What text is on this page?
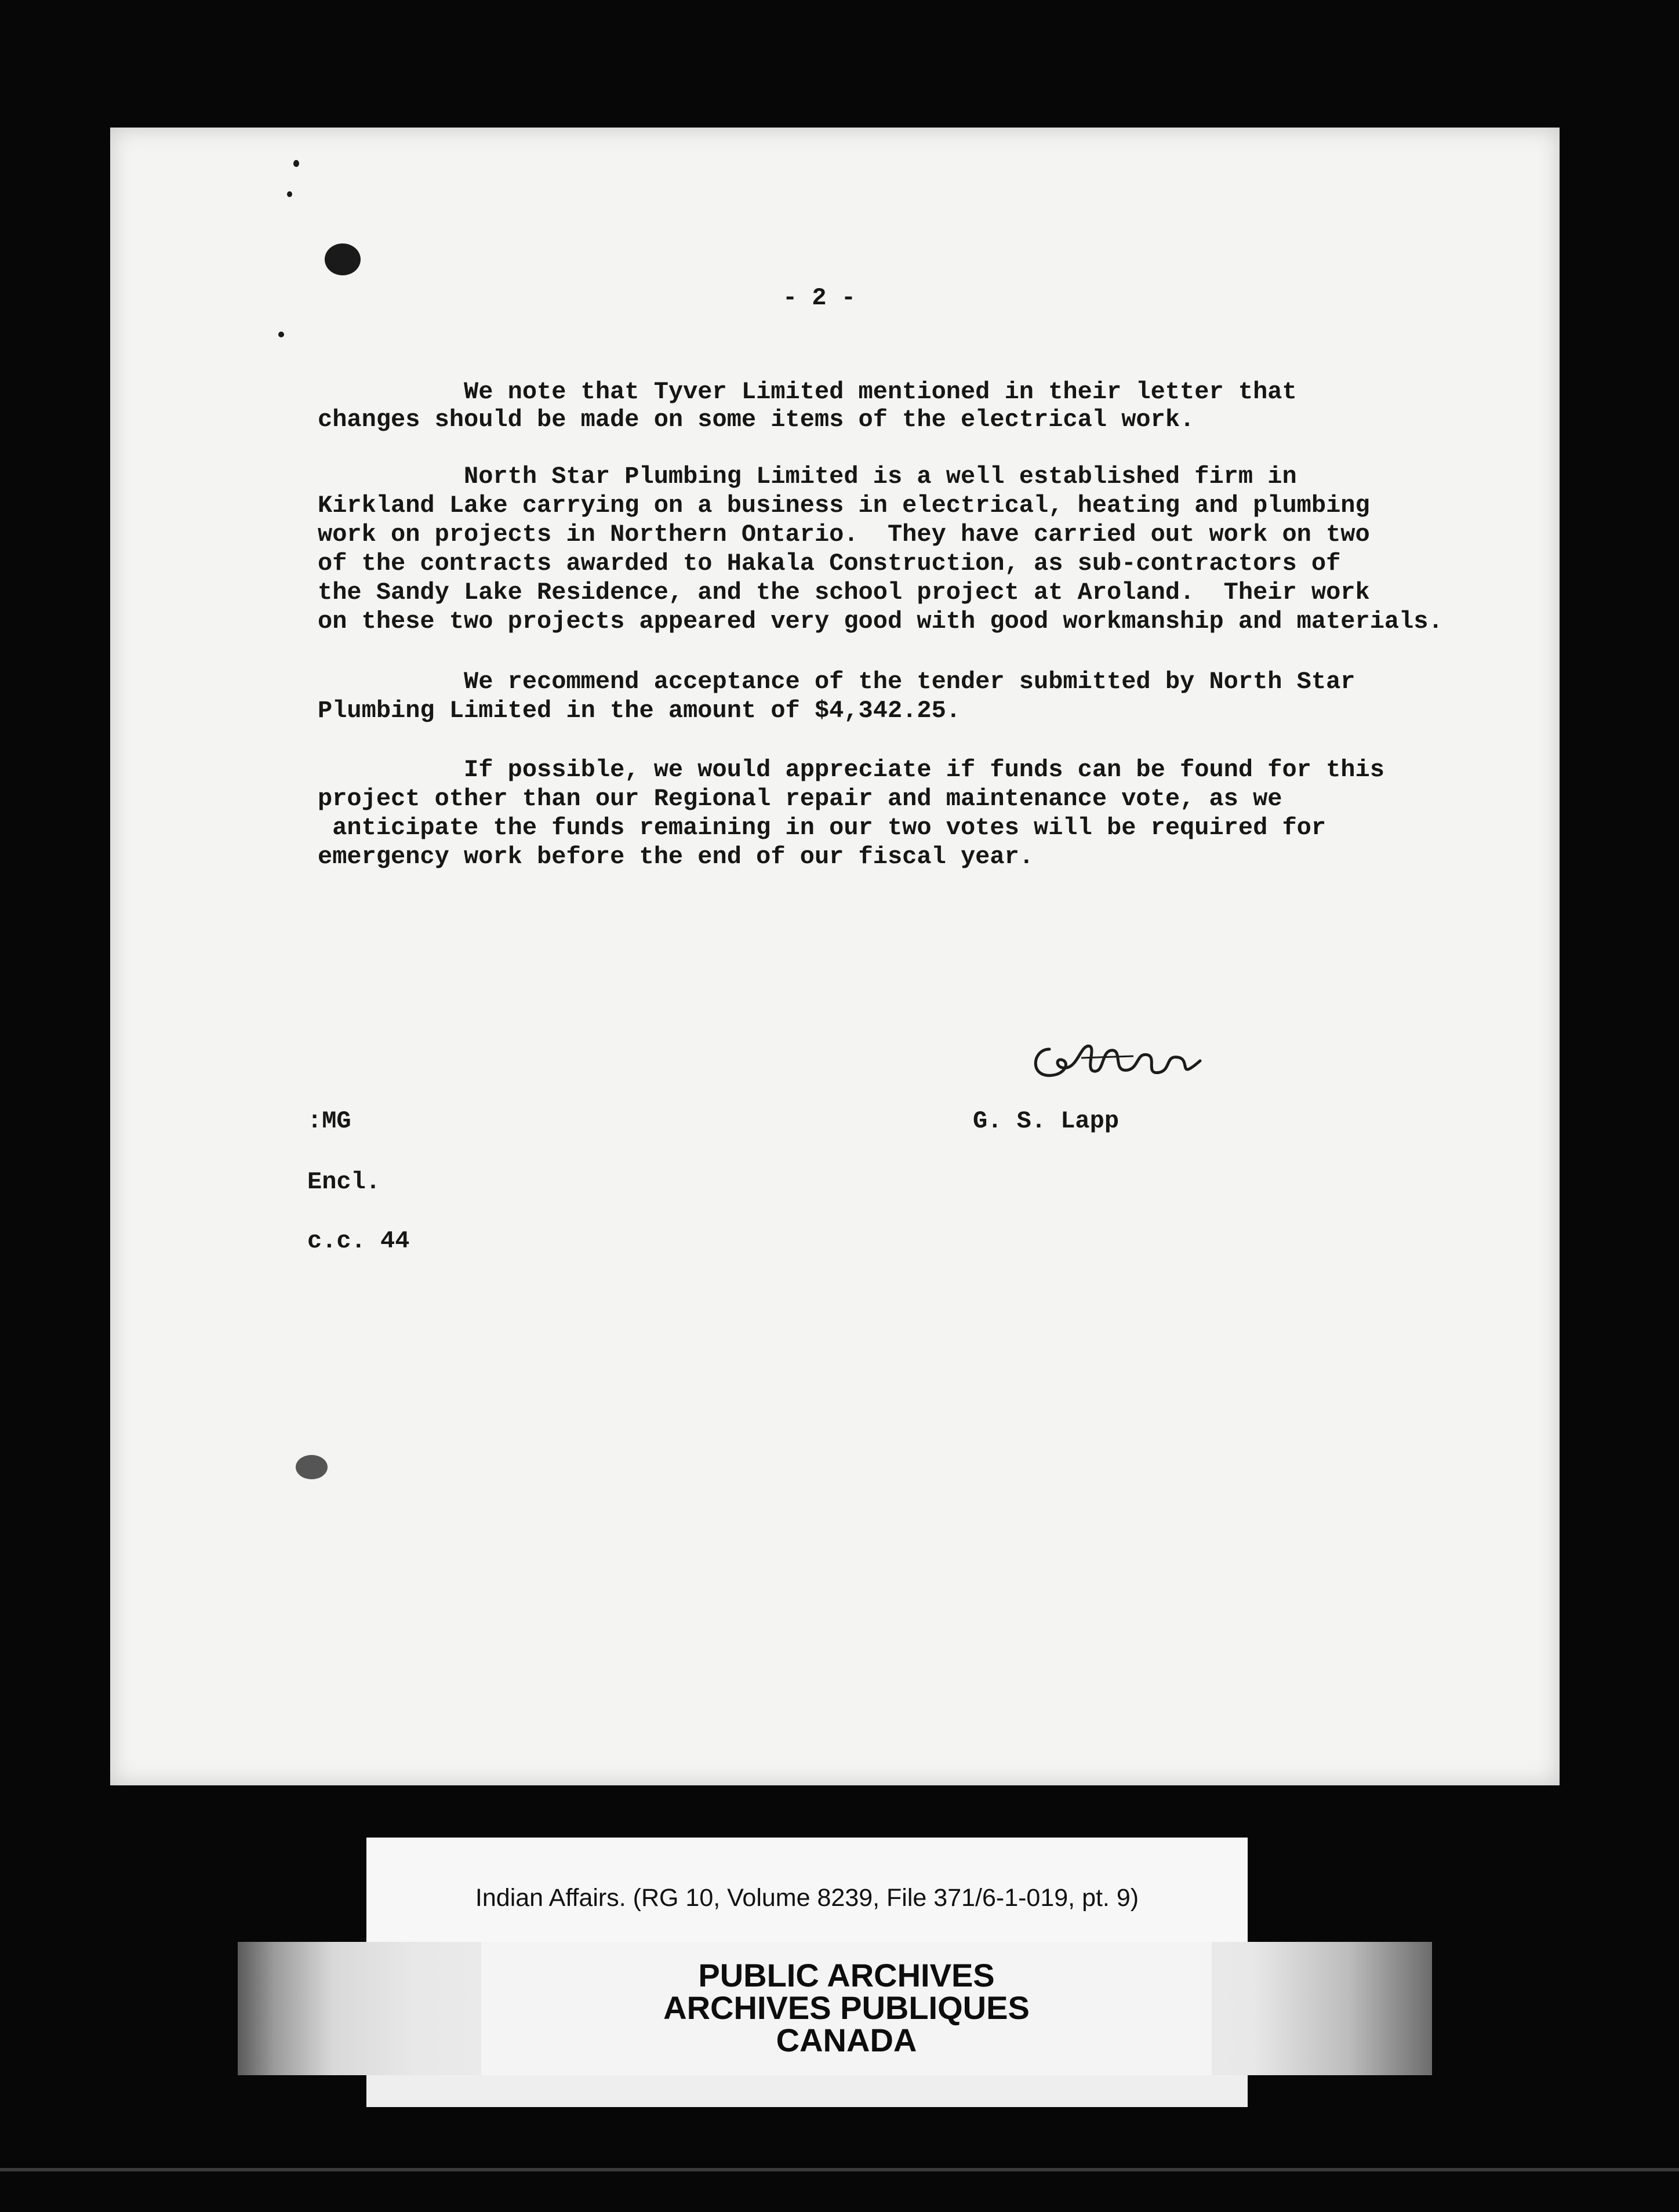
- 2 -
We note that Tyver Limited mentioned in their letter that
changes should be made on some items of the electrical work.
North Star Plumbing Limited is a well established firm in
Kirkland Lake carrying on a business in electrical, heating and plumbing
work on projects in Northern Ontario.  They have carried out work on two
of the contracts awarded to Hakala Construction, as sub-contractors of
the Sandy Lake Residence, and the school project at Aroland.  Their work
on these two projects appeared very good with good workmanship and materials.
We recommend acceptance of the tender submitted by North Star
Plumbing Limited in the amount of $4,342.25.
If possible, we would appreciate if funds can be found for this
project other than our Regional repair and maintenance vote, as we
anticipate the funds remaining in our two votes will be required for
emergency work before the end of our fiscal year.
G. S. Lapp
:MG
Encl.
c.c. 44
Indian Affairs. (RG 10, Volume 8239, File 371/6-1-019, pt. 9)
PUBLIC ARCHIVES
ARCHIVES PUBLIQUES
CANADA
